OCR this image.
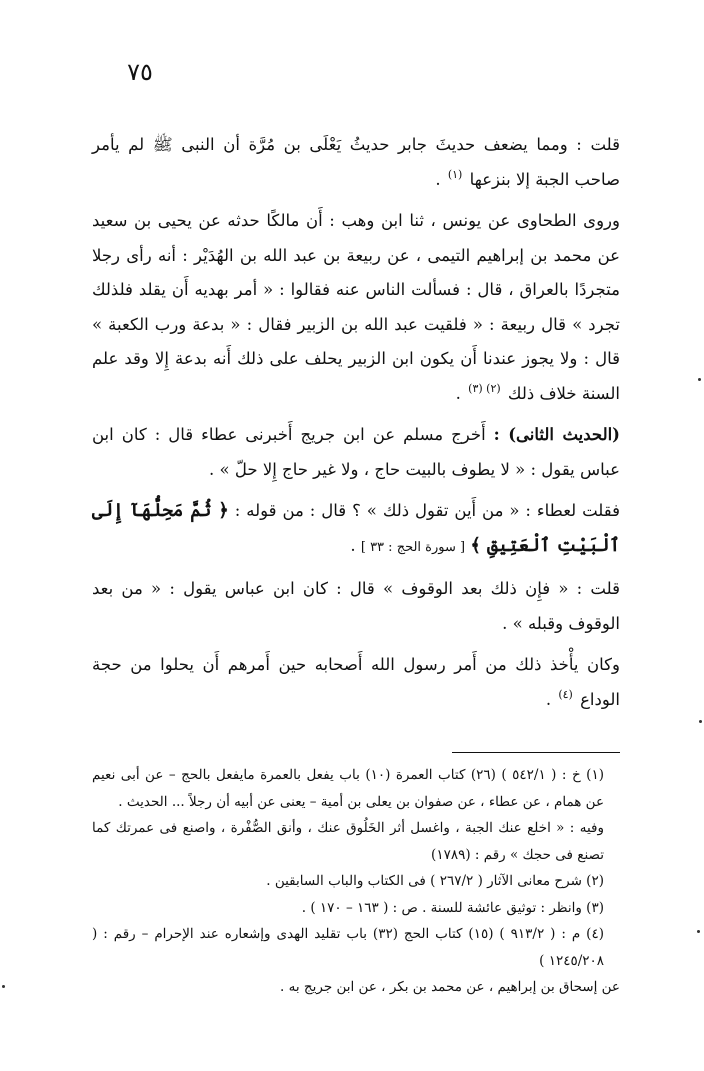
٧٥

قلت : ومما يضعف حديثَ جابر حديثُ يَعْلَى بن مُرَّة أن النبى ﷺ لم يأمر صاحب الجبة إلا بنزعها $^{(١)}$ .

وروى الطحاوى عن يونس ، ثنا ابن وهب : أَن مالكًا حدثه عن يحيى بن سعيد عن محمد بن إبراهيم التيمى ، عن ربيعة بن عبد الله بن الهُدَيْر : أنه رأى رجلا متجردًا بالعراق ، قال : فسألت الناس عنه فقالوا : « أمر بهديه أَن يقلد فلذلك تجرد » قال ربيعة : « فلقيت عبد الله بن الزبير فقال : « بدعة ورب الكعبة » قال : ولا يجوز عندنا أَن يكون ابن الزبير يحلف على ذلك أَنه بدعة إِلا وقد علم السنة خلاف ذلك $^{(٢) (٣)}$ .

(الحديث الثانى) : أَخرج مسلم عن ابن جريج أَخبرنى عطاء قال : كان ابن عباس يقول : « لا يطوف بالبيت حاج ، ولا غير حاج إِلا حلّ » .

فقلت لعطاء : « من أَين تقول ذلك » ؟ قال : من قوله : ﴿ ثُمَّ مَحِلُّهَآ إِلَى ٱلْبَيْتِ ٱلْعَتِيقِ ﴾ [ سورة الحج : ٣٣ ] .

قلت : « فإِن ذلك بعد الوقوف » قال : كان ابن عباس يقول : « من بعد الوقوف وقبله » .

وكان يأْخذ ذلك من أَمر رسول الله أَصحابه حين أَمرهم أَن يحلوا من حجة الوداع $^{(٤)}$ .

(١) خ : ( ٥٤٢/١ ) (٢٦) كتاب العمرة (١٠) باب يفعل بالعمرة مايفعل بالحج – عن أبى نعيم عن همام ، عن عطاء ، عن صفوان بن يعلى بن أمية – يعنى عن أبيه أن رجلاً ... الحديث .

وفيه : « اخلع عنك الجبة ، واغسل أثر الخَلُوق عنك ، وأنق الصُّفْرة ، واصنع فى عمرتك كما تصنع فى حجك » رقم : (١٧٨٩)

(٢) شرح معانى الآثار ( ٢٦٧/٢ ) فى الكتاب والباب السابقين .

(٣) وانظر : توثيق عائشة للسنة . ص : ( ١٦٣ – ١٧٠ ) .

(٤) م : ( ٩١٣/٢ ) (١٥) كتاب الحج (٣٢) باب تقليد الهدى وإشعاره عند الإحرام – رقم : ( ١٢٤٥/٢٠٨ )

عن إسحاق بن إبراهيم ، عن محمد بن بكر ، عن ابن جريج به .
